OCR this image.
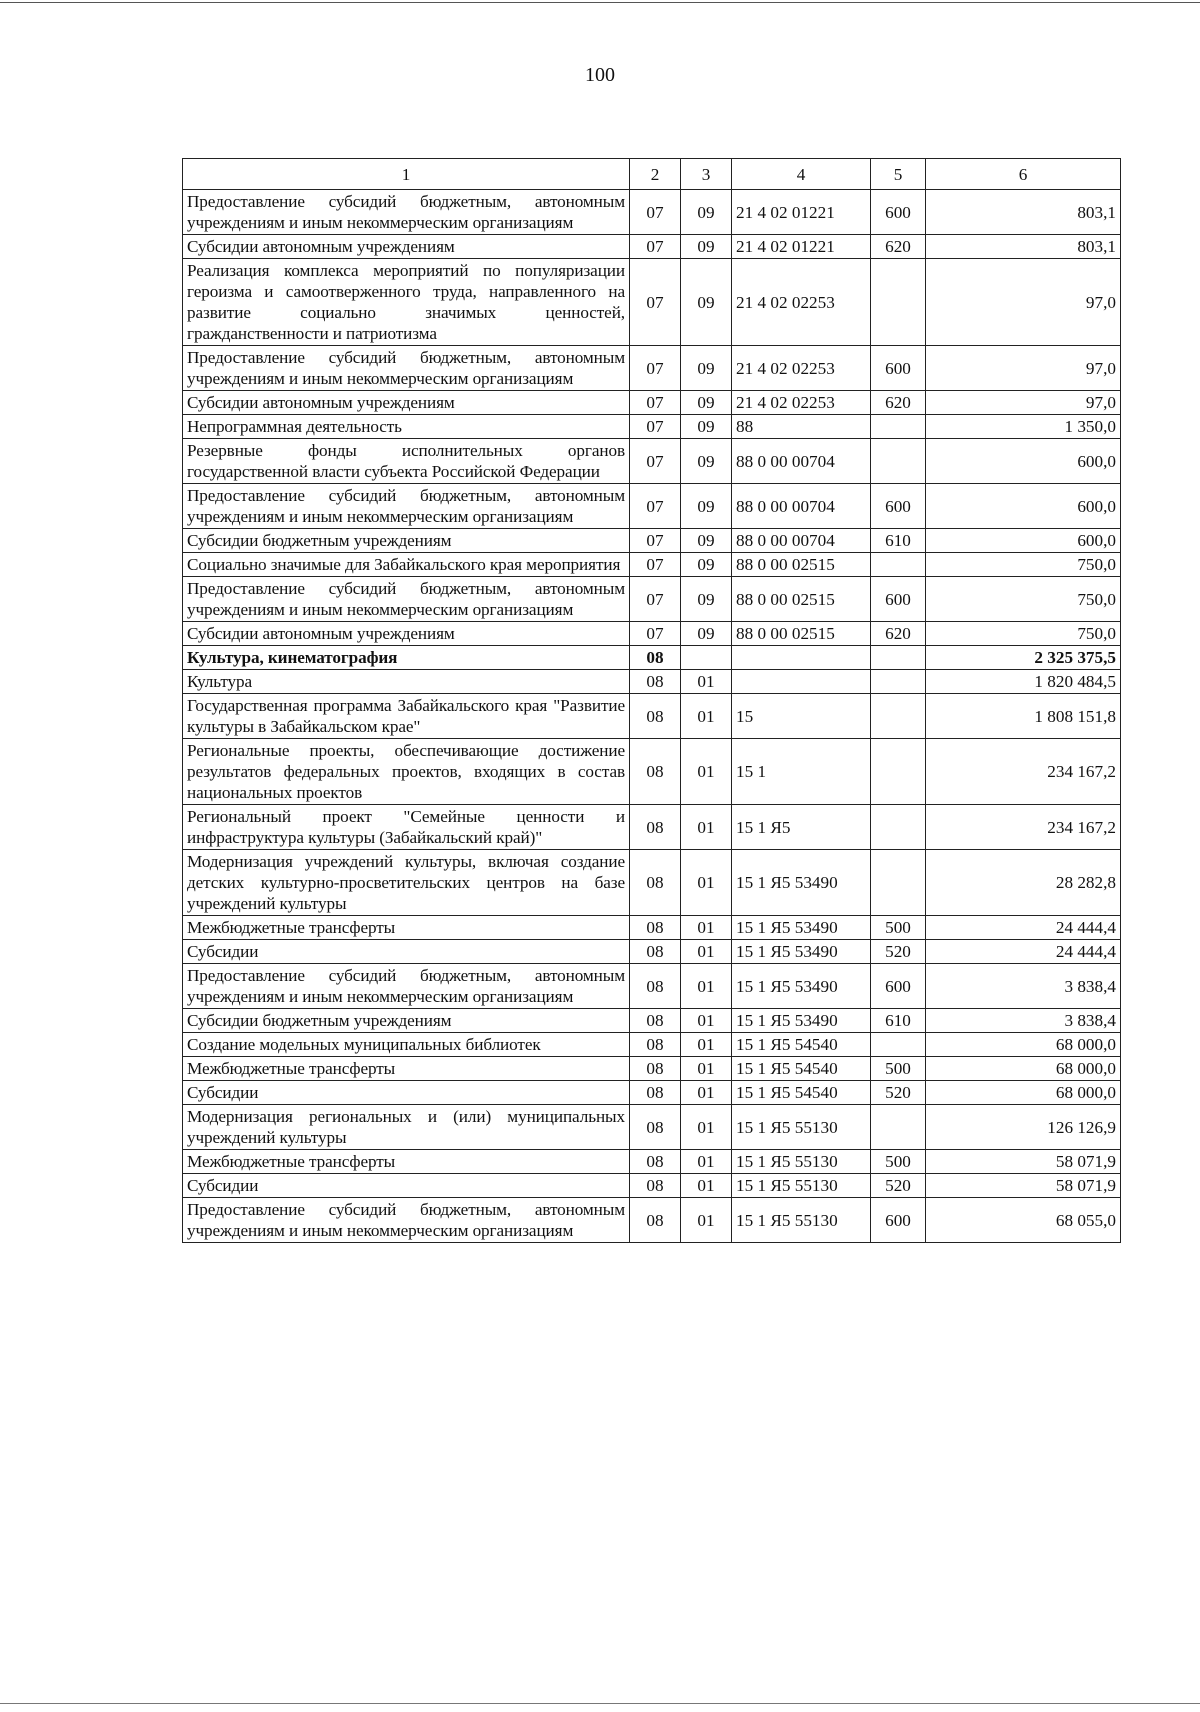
100
1	2	3	4	5	6
Предоставление субсидий бюджетным, автономным учреждениям и иным некоммерческим организациям	07	09	21 4 02 01221	600	803,1
Субсидии автономным учреждениям	07	09	21 4 02 01221	620	803,1
Реализация комплекса мероприятий по популяризации героизма и самоотверженного труда, направленного на развитие социально значимых ценностей, гражданственности и патриотизма	07	09	21 4 02 02253		97,0
Предоставление субсидий бюджетным, автономным учреждениям и иным некоммерческим организациям	07	09	21 4 02 02253	600	97,0
Субсидии автономным учреждениям	07	09	21 4 02 02253	620	97,0
Непрограммная деятельность	07	09	88		1 350,0
Резервные фонды исполнительных органов государственной власти субъекта Российской Федерации	07	09	88 0 00 00704		600,0
Предоставление субсидий бюджетным, автономным учреждениям и иным некоммерческим организациям	07	09	88 0 00 00704	600	600,0
Субсидии бюджетным учреждениям	07	09	88 0 00 00704	610	600,0
Социально значимые для Забайкальского края мероприятия	07	09	88 0 00 02515		750,0
Предоставление субсидий бюджетным, автономным учреждениям и иным некоммерческим организациям	07	09	88 0 00 02515	600	750,0
Субсидии автономным учреждениям	07	09	88 0 00 02515	620	750,0
Культура, кинематография	08				2 325 375,5
Культура	08	01			1 820 484,5
Государственная программа Забайкальского края "Развитие культуры в Забайкальском крае"	08	01	15		1 808 151,8
Региональные проекты, обеспечивающие достижение результатов федеральных проектов, входящих в состав национальных проектов	08	01	15 1		234 167,2
Региональный проект "Семейные ценности и инфраструктура культуры (Забайкальский край)"	08	01	15 1 Я5		234 167,2
Модернизация учреждений культуры, включая создание детских культурно-просветительских центров на базе учреждений культуры	08	01	15 1 Я5 53490		28 282,8
Межбюджетные трансферты	08	01	15 1 Я5 53490	500	24 444,4
Субсидии	08	01	15 1 Я5 53490	520	24 444,4
Предоставление субсидий бюджетным, автономным учреждениям и иным некоммерческим организациям	08	01	15 1 Я5 53490	600	3 838,4
Субсидии бюджетным учреждениям	08	01	15 1 Я5 53490	610	3 838,4
Создание модельных муниципальных библиотек	08	01	15 1 Я5 54540		68 000,0
Межбюджетные трансферты	08	01	15 1 Я5 54540	500	68 000,0
Субсидии	08	01	15 1 Я5 54540	520	68 000,0
Модернизация региональных и (или) муниципальных учреждений культуры	08	01	15 1 Я5 55130		126 126,9
Межбюджетные трансферты	08	01	15 1 Я5 55130	500	58 071,9
Субсидии	08	01	15 1 Я5 55130	520	58 071,9
Предоставление субсидий бюджетным, автономным учреждениям и иным некоммерческим организациям	08	01	15 1 Я5 55130	600	68 055,0
